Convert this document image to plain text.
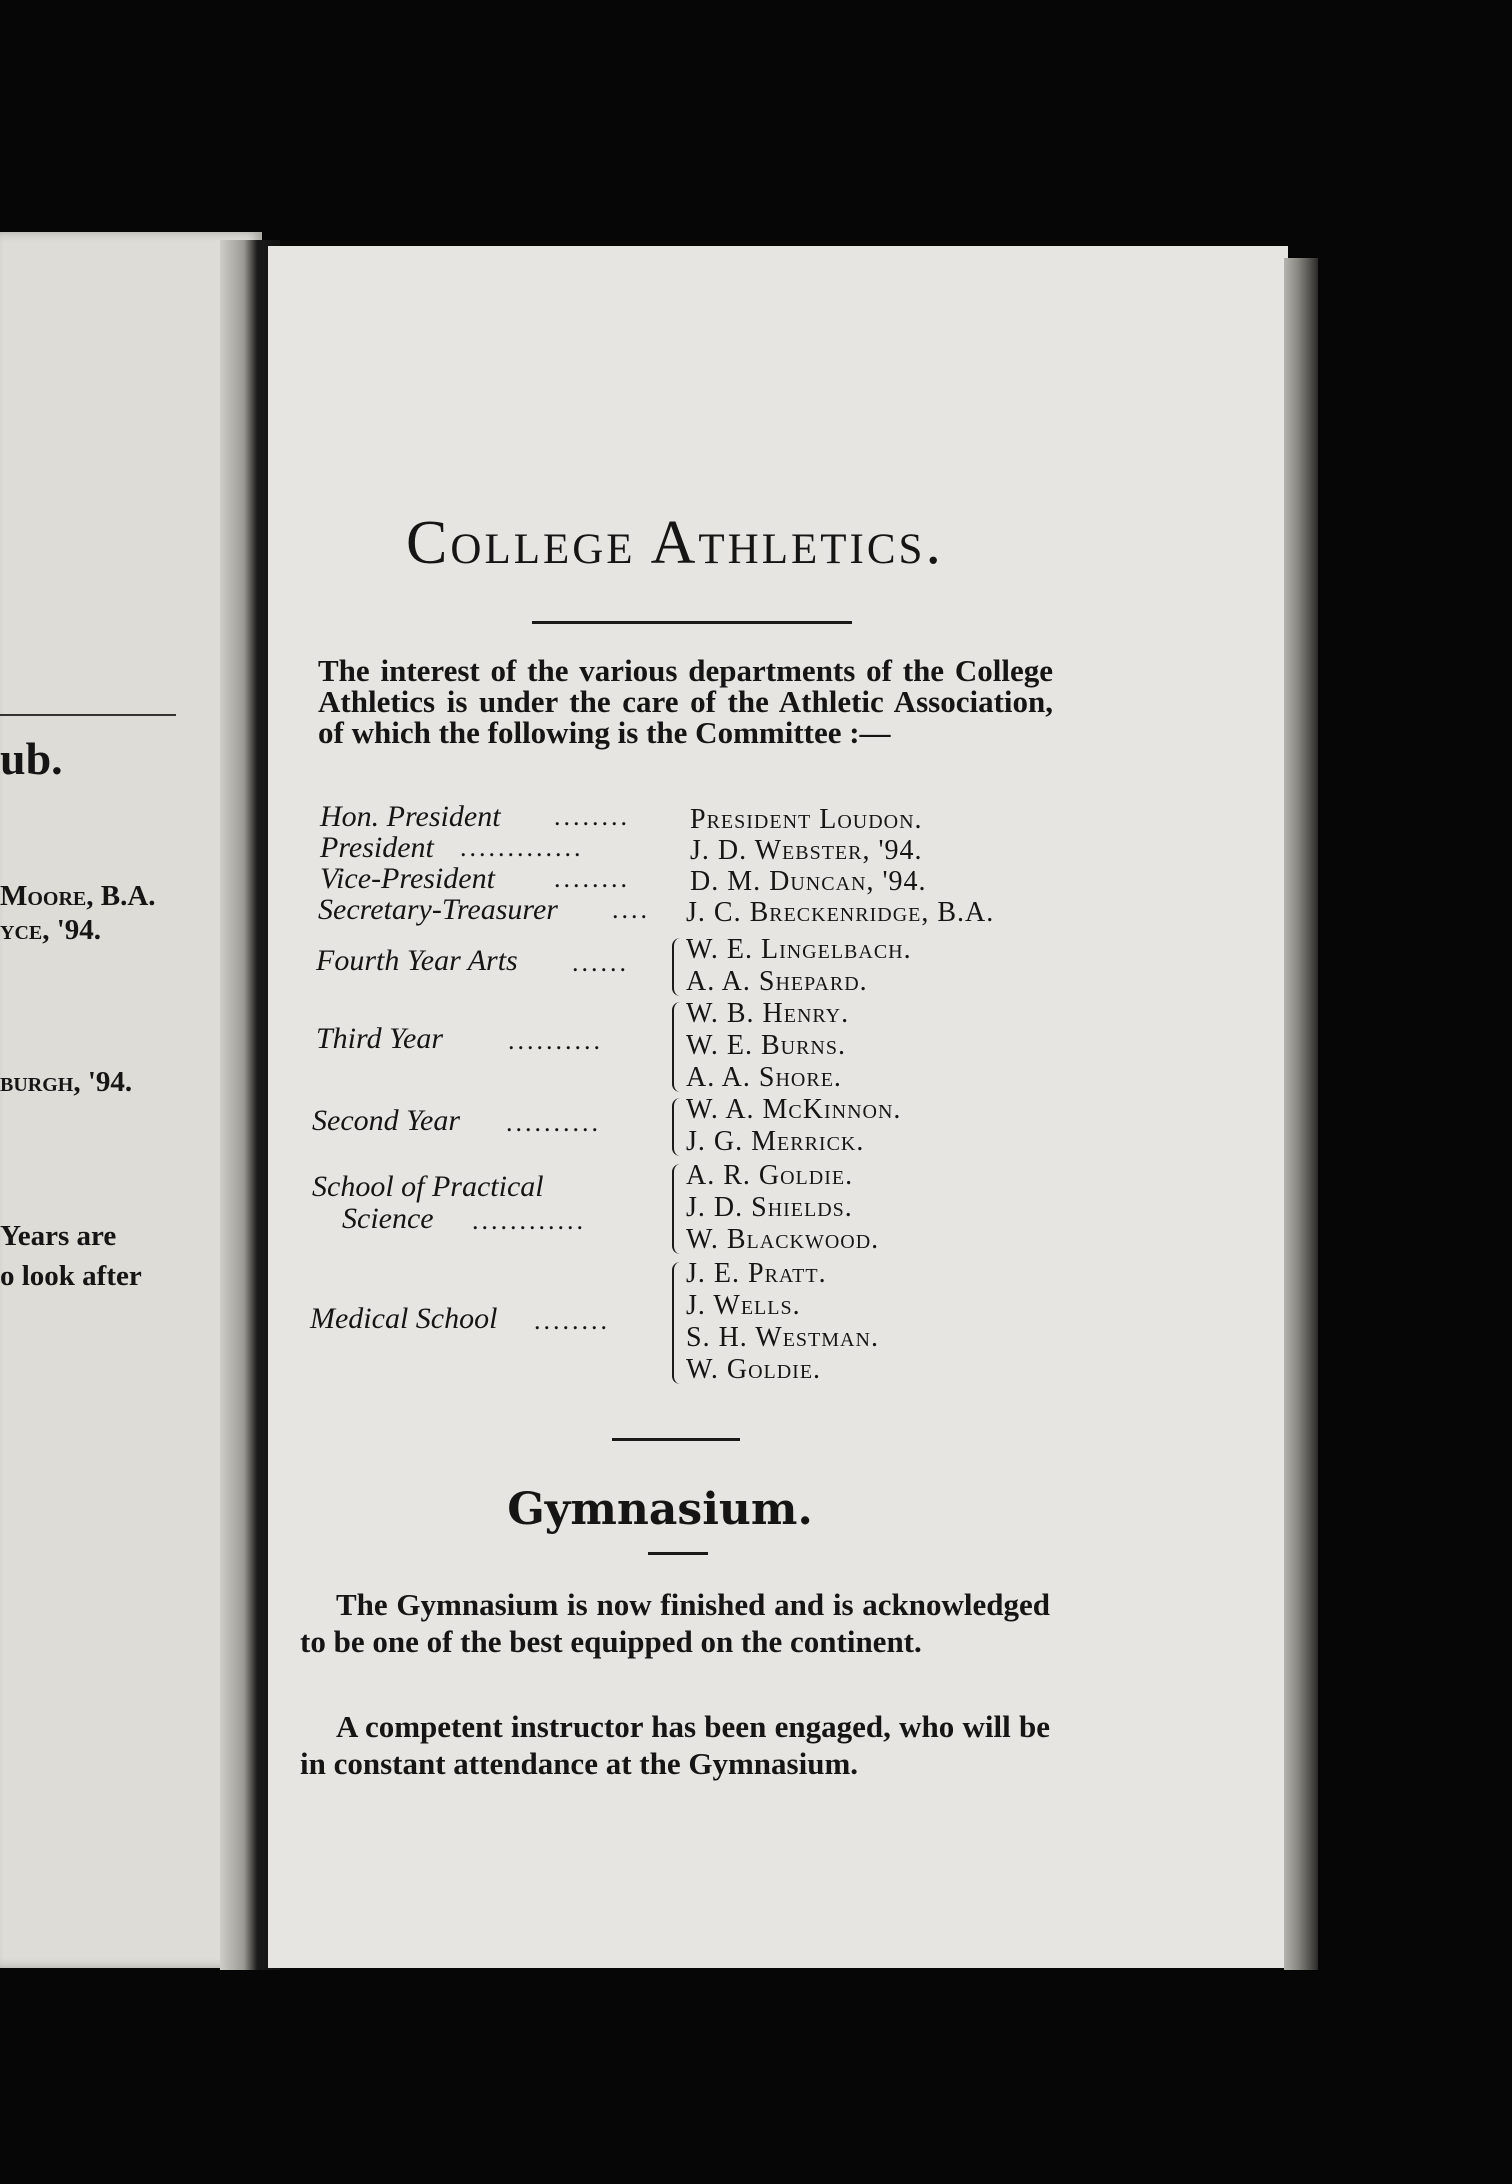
ub.
Moore, B.A.
yce, '94.
burgh, '94.
Years are
o look after
College Athletics.
The interest of the various departments of the College Athletics is under the care of the Athletic Association, of which the following is the Committee :—
Hon. President ........ President Loudon.
President .............	J. D. Webster, '94.
Vice-President ........ D. M. Duncan, '94.
Secretary-Treasurer .... J. C. Breckenridge, B.A.
Fourth Year Arts ...... W. E. Lingelbach.
A. A. Shepard.
Third Year ..........
W. B. Henry.
W. E. Burns.
A. A. Shore.
Second Year ..........	W. A. McKinnon.
J. G. Merrick.
School of Practical
Science ............
A. R. Goldie.
J. D. Shields.
W. Blackwood.
Medical School ........
J. E. Pratt.
J. Wells.
S. H. Westman.
W. Goldie.
Gymnasium.
The Gymnasium is now finished and is acknowledged to be one of the best equipped on the continent.
A competent instructor has been engaged, who will be in constant attendance at the Gymnasium.
